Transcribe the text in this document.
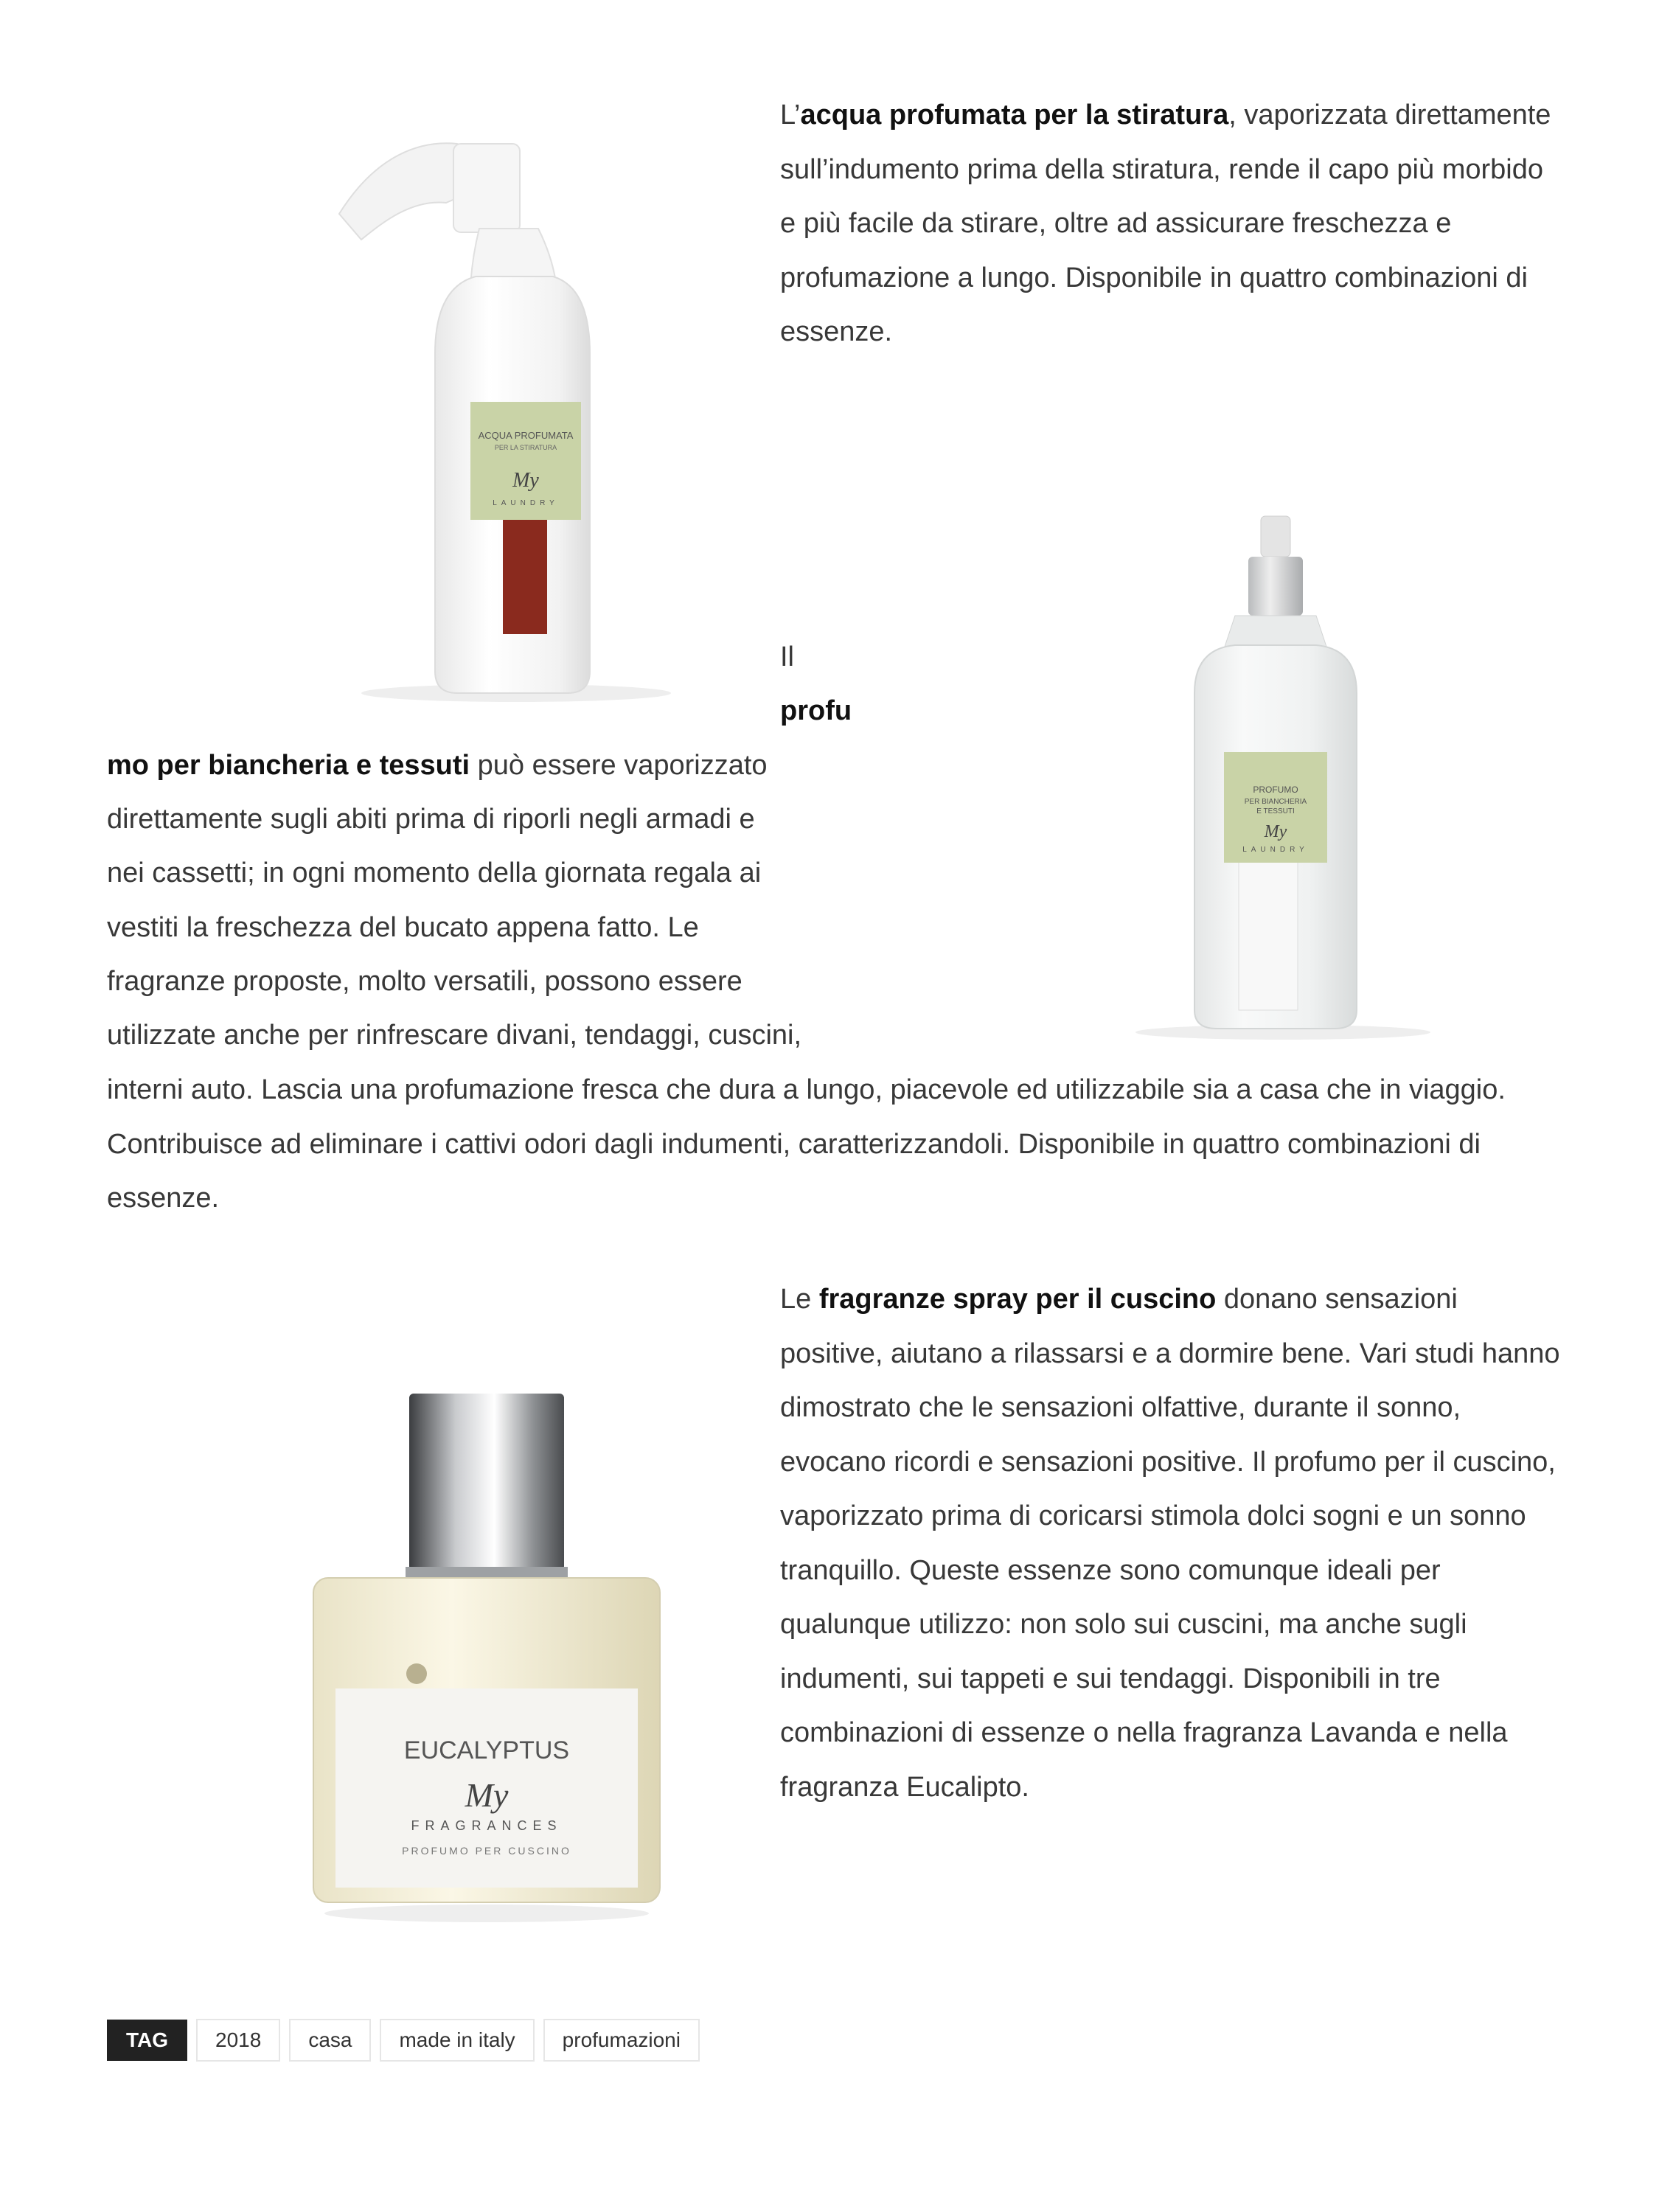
ACQUA PROFUMATA
PER LA STIRATURA
My
LAUNDRY
PROFUMO
PER BIANCHERIA
E TESSUTI
My
LAUNDRY
EUCALYPTUS
My
FRAGRANCES
PROFUMO PER CUSCINO

L’acqua profumata per la stiratura, vaporizzata direttamente sull’indumento prima della stiratura, rende il capo più morbido e più facile da stirare, oltre ad assicurare freschezza e profumazione a lungo. Disponibile in quattro combinazioni di essenze.

Il
profu
mo per biancheria e tessuti può essere vaporizzato
direttamente sugli abiti prima di riporli negli armadi e
nei cassetti; in ogni momento della giornata regala ai
vestiti la freschezza del bucato appena fatto. Le
fragranze proposte, molto versatili, possono essere
utilizzate anche per rinfrescare divani, tendaggi, cuscini,

interni auto. Lascia una profumazione fresca che dura a lungo, piacevole ed utilizzabile sia a casa che in viaggio. Contribuisce ad eliminare i cattivi odori dagli indumenti, caratterizzandoli. Disponibile in quattro combinazioni di essenze.

Le fragranze spray per il cuscino donano sensazioni positive, aiutano a rilassarsi e a dormire bene. Vari studi hanno dimostrato che le sensazioni olfattive, durante il sonno, evocano ricordi e sensazioni positive. Il profumo per il cuscino, vaporizzato prima di coricarsi stimola dolci sogni e un sonno tranquillo. Queste essenze sono comunque ideali per qualunque utilizzo: non solo sui cuscini, ma anche sugli indumenti, sui tappeti e sui tendaggi. Disponibili in tre combinazioni di essenze o nella fragranza Lavanda e nella fragranza Eucalipto.

TAG	2018	casa	made in italy	profumazioni
